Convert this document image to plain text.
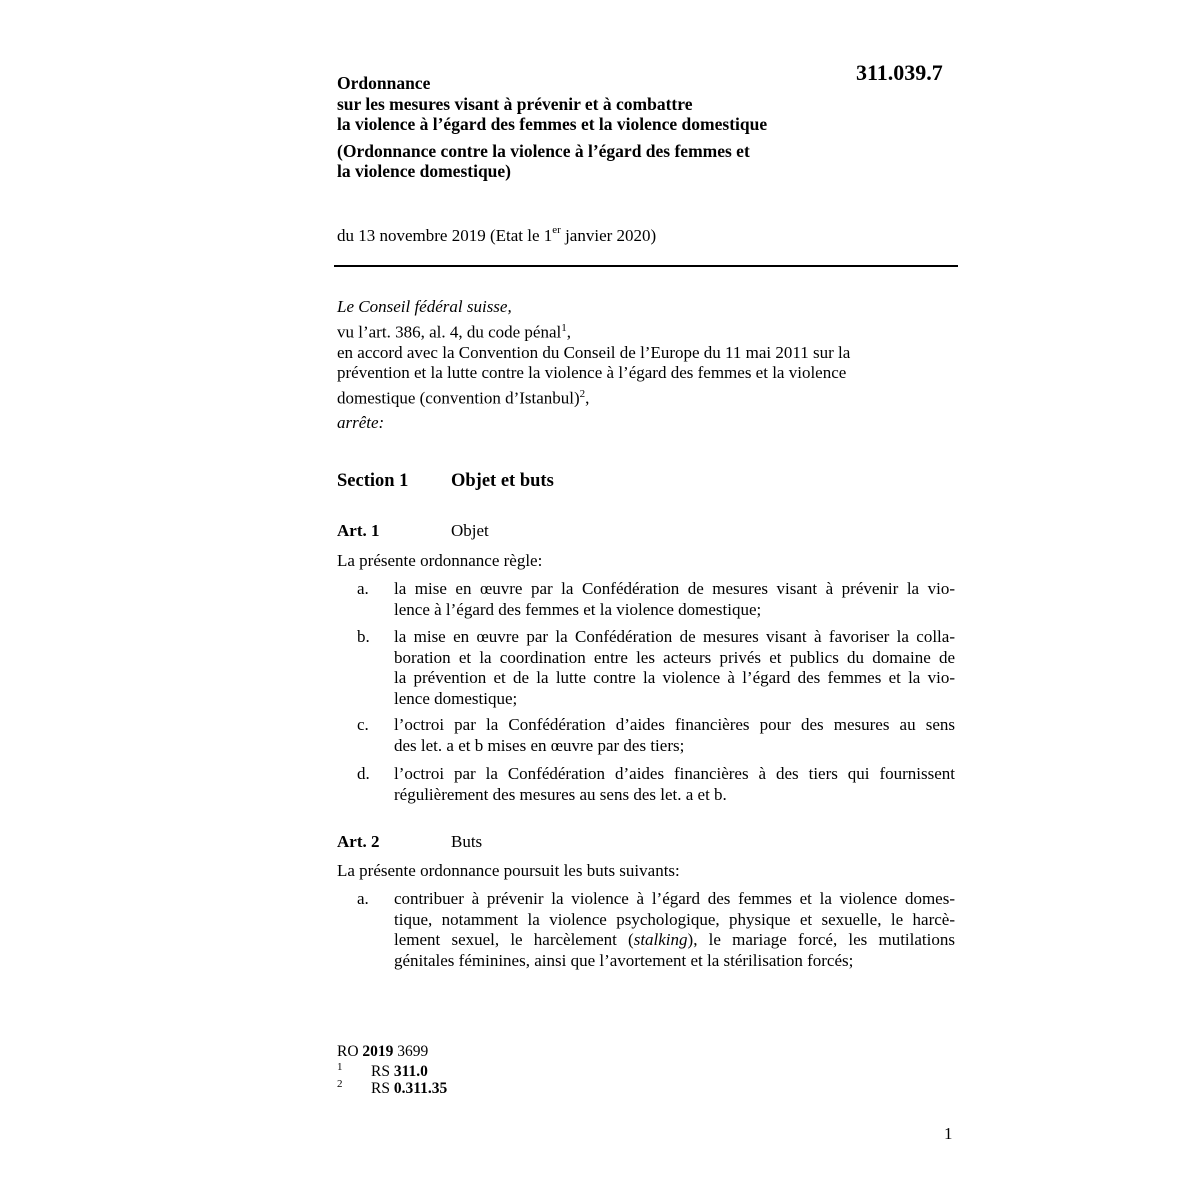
311.039.7
Ordonnance
sur les mesures visant à prévenir et à combattre
la violence à l’égard des femmes et la violence domestique
(Ordonnance contre la violence à l’égard des femmes et
la violence domestique)
du 13 novembre 2019 (Etat le 1er janvier 2020)
Le Conseil fédéral suisse,
vu l’art. 386, al. 4, du code pénal$^1$,
en accord avec la Convention du Conseil de l’Europe du 11 mai 2011 sur la
prévention et la lutte contre la violence à l’égard des femmes et la violence
domestique (convention d’Istanbul)$^2$,
arrête:
Section 1 Objet et buts
Art. 1	Objet
La présente ordonnance règle:
a. la mise en œuvre par la Confédération de mesures visant à prévenir la vio-
lence à l’égard des femmes et la violence domestique;
b. la mise en œuvre par la Confédération de mesures visant à favoriser la colla-
boration et la coordination entre les acteurs privés et publics du domaine de
la prévention et de la lutte contre la violence à l’égard des femmes et la vio-
lence domestique;
c. l’octroi par la Confédération d’aides financières pour des mesures au sens
des let. a et b mises en œuvre par des tiers;
d. l’octroi par la Confédération d’aides financières à des tiers qui fournissent
régulièrement des mesures au sens des let. a et b.
Art. 2	Buts
La présente ordonnance poursuit les buts suivants:
a. contribuer à prévenir la violence à l’égard des femmes et la violence domes-
tique, notamment la violence psychologique, physique et sexuelle, le harcè-
lement sexuel, le harcèlement (stalking), le mariage forcé, les mutilations
génitales féminines, ainsi que l’avortement et la stérilisation forcés;
RO 2019 3699
1 RS 311.0
2 RS 0.311.35
1
